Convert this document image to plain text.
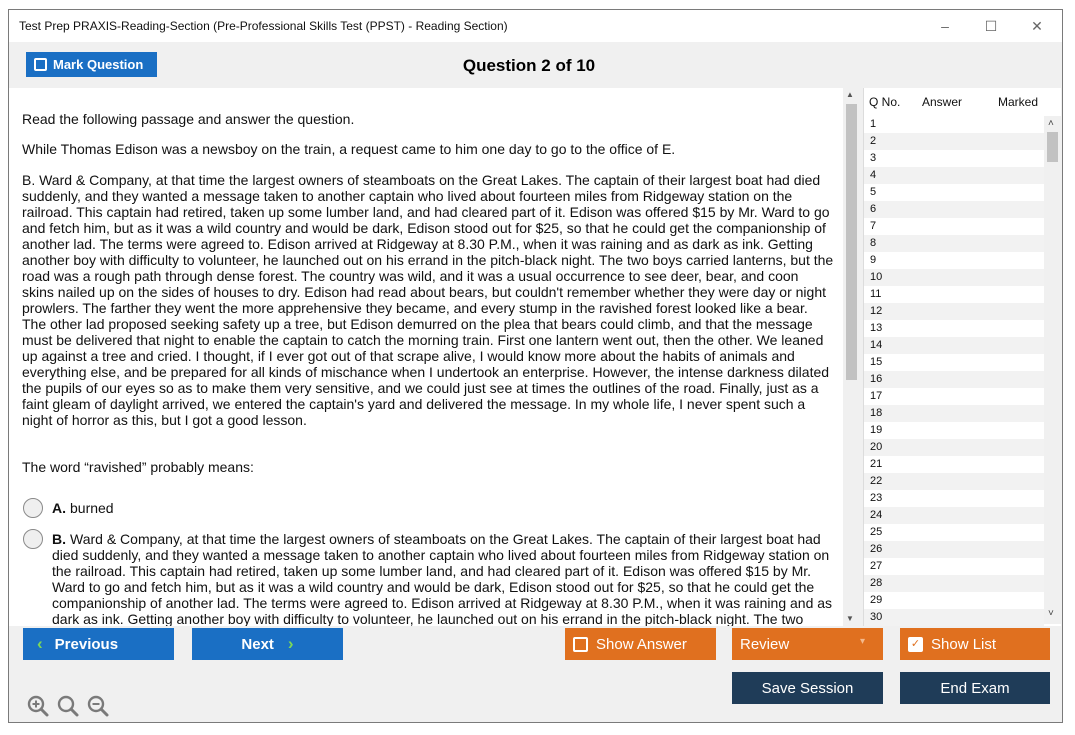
Test Prep PRAXIS-Reading-Section (Pre-Professional Skills Test (PPST) - Reading Section)	–	☐	✕
Mark Question	Question 2 of 10
Read the following passage and answer the question.
While Thomas Edison was a newsboy on the train, a request came to him one day to go to the office of E.
B. Ward & Company, at that time the largest owners of steamboats on the Great Lakes. The captain of their largest boat had died suddenly, and they wanted a message taken to another captain who lived about fourteen miles from Ridgeway station on the railroad. This captain had retired, taken up some lumber land, and had cleared part of it. Edison was offered $15 by Mr. Ward to go and fetch him, but as it was a wild country and would be dark, Edison stood out for $25, so that he could get the companionship of another lad. The terms were agreed to. Edison arrived at Ridgeway at 8.30 P.M., when it was raining and as dark as ink. Getting another boy with difficulty to volunteer, he launched out on his errand in the pitch-black night. The two boys carried lanterns, but the road was a rough path through dense forest. The country was wild, and it was a usual occurrence to see deer, bear, and coon skins nailed up on the sides of houses to dry. Edison had read about bears, but couldn't remember whether they were day or night prowlers. The farther they went the more apprehensive they became, and every stump in the ravished forest looked like a bear. The other lad proposed seeking safety up a tree, but Edison demurred on the plea that bears could climb, and that the message must be delivered that night to enable the captain to catch the morning train. First one lantern went out, then the other. We leaned up against a tree and cried. I thought, if I ever got out of that scrape alive, I would know more about the habits of animals and everything else, and be prepared for all kinds of mischance when I undertook an enterprise. However, the intense darkness dilated the pupils of our eyes so as to make them very sensitive, and we could just see at times the outlines of the road. Finally, just as a faint gleam of daylight arrived, we entered the captain's yard and delivered the message. In my whole life, I never spent such a night of horror as this, but I got a good lesson.
The word “ravished” probably means:
A. burned
B. Ward & Company, at that time the largest owners of steamboats on the Great Lakes. The captain of their largest boat had died suddenly, and they wanted a message taken to another captain who lived about fourteen miles from Ridgeway station on the railroad. This captain had retired, taken up some lumber land, and had cleared part of it. Edison was offered $15 by Mr. Ward to go and fetch him, but as it was a wild country and would be dark, Edison stood out for $25, so that he could get the companionship of another lad. The terms were agreed to. Edison arrived at Ridgeway at 8.30 P.M., when it was raining and as dark as ink. Getting another boy with difficulty to volunteer, he launched out on his errand in the pitch-black night. The two
▲
▼
Q No. Answer	Marked
1
2
3
4
5
6
7
8
9
10
11
12
13
14
15
16
17
18
19
20
21
22
23
24
25
26
27
28
29
30
˄
˅
‹ Previous	Next ›	Show Answer	Review	▾	✓ Show List
Save Session	End Exam
